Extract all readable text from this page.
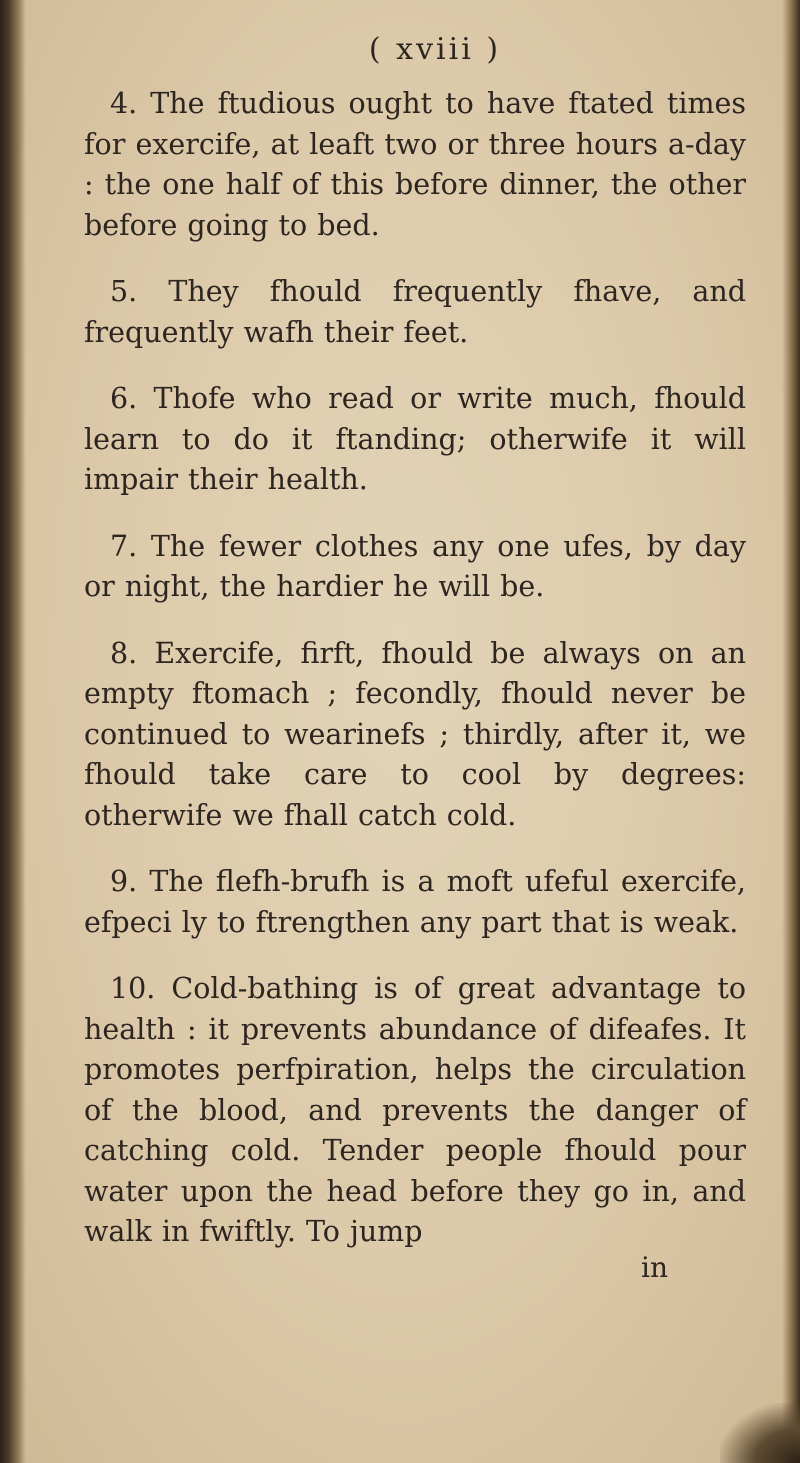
( xviii )

4. The ftudious ought to have ftated times for exercife, at leaft two or three hours a-day : the one half of this before dinner, the other before going to bed.

5. They fhould frequently fhave, and frequently wafh their feet.

6. Thofe who read or write much, fhould learn to do it ftanding; otherwife it will impair their health.

7. The fewer clothes any one ufes, by day or night, the hardier he will be.

8. Exercife, firft, fhould be always on an empty ftomach ; fecondly, fhould never be continued to wearinefs ; thirdly, after it, we fhould take care to cool by degrees: otherwife we fhall catch cold.

9. The flefh-brufh is a moft ufeful exercife, efpeci ly to ftrengthen any part that is weak.

10. Cold-bathing is of great advantage to health : it prevents abundance of difeafes. It promotes perfpiration, helps the circulation of the blood, and prevents the danger of catching cold. Tender people fhould pour water upon the head before they go in, and walk in fwiftly. To jump

in
